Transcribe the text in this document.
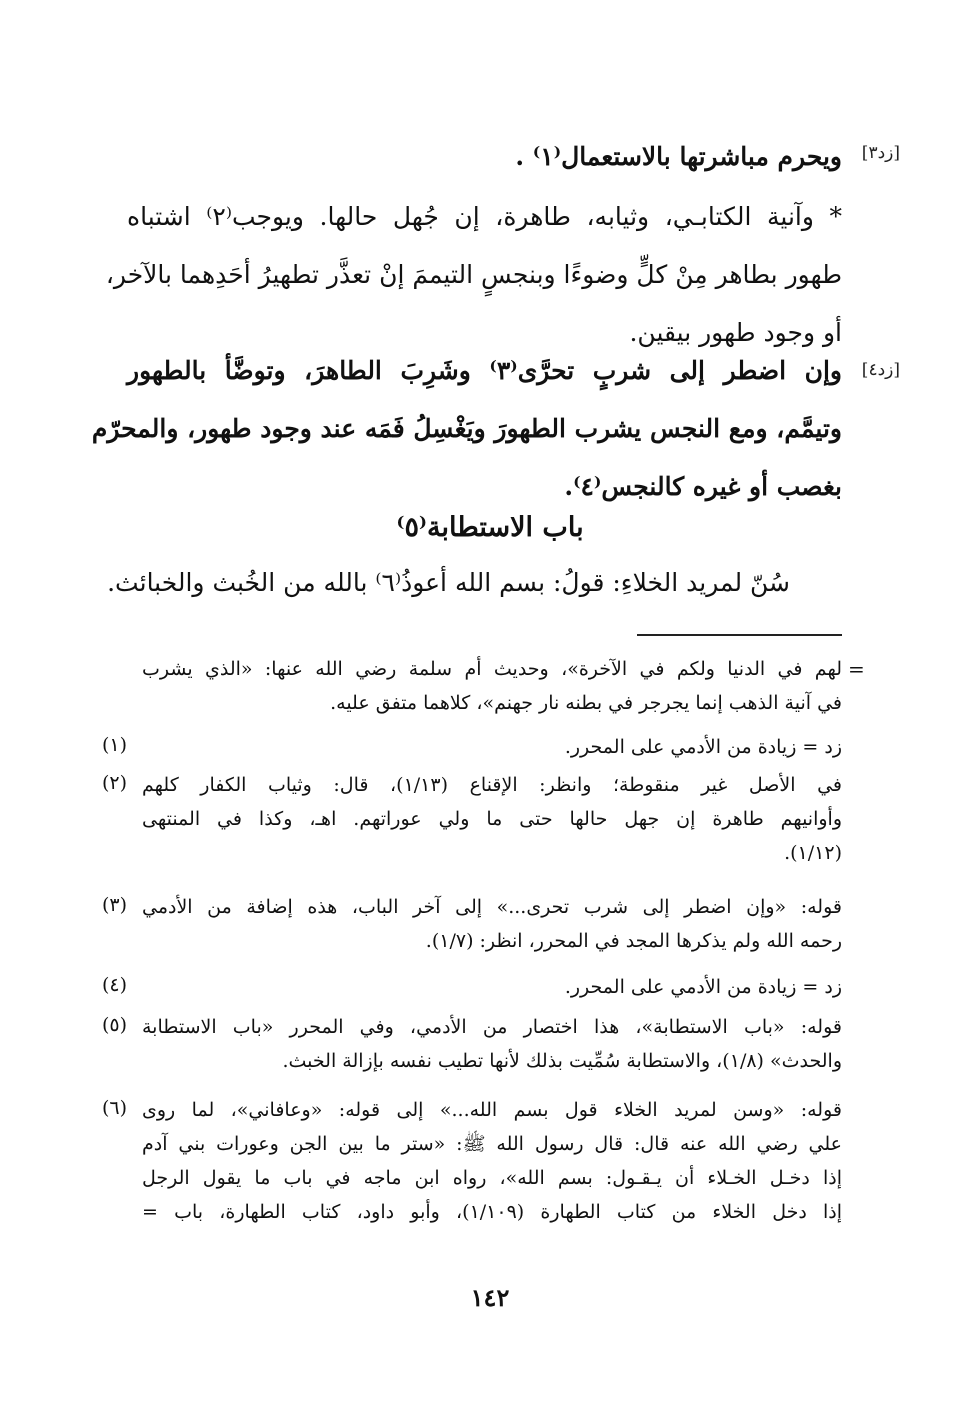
[زد٣]
ويحرم مباشرتها بالاستعمال⁽١⁾ .
* وآنية الكتابـي، وثيابه، طاهرة، إن جُهل حالها. ويوجب⁽٢⁾ اشتباه
طهور بطاهر مِنْ كلٍّ وضوءًا وبنجسٍ التيممَ إنْ تعذَّر تطهيرُ أحَدِهما بالآخر،
أو وجود طهور بيقين.
[زد٤]
وإن اضطر إلى شربٍ تحرَّى⁽٣⁾ وشَرِبَ الطاهرَ، وتوضَّأ بالطهور
وتيمَّم، ومع النجس يشرب الطهورَ ويَغْسِلُ فَمَه عند وجود طهور، والمحرّم
بغصب أو غيره كالنجس⁽٤⁾.
باب الاستطابة⁽٥⁾
سُنّ لمريد الخلاءِ: قولُ: بسم الله أعوذُ⁽٦⁾ بالله من الخُبث والخبائث.
=
لهم في الدنيا ولكم في الآخرة»، وحديث أم سلمة رضي الله عنها: «الذي يشرب
في آنية الذهب إنما يجرجر في بطنه نار جهنم»، كلاهما متفق عليه.
(١)	زد = زيادة من الأدمي على المحرر.
(٢) في الأصل غير منقوطة؛ وانظر: الإقناع (١/١٣)، قال: وثياب الكفار كلهم
وأوانيهم طاهرة إن جهل حالها حتى ما ولي عوراتهم. اهـ، وكذا في المنتهى
(١/١٢).
(٣) قوله: «وإن اضطر إلى شرب تحرى...» إلى آخر الباب، هذه إضافة من الأدمي
رحمه الله ولم يذكرها المجد في المحرر، انظر: (١/٧).
(٤)	زد = زيادة من الأدمي على المحرر.
(٥) قوله: «باب الاستطابة»، هذا اختصار من الأدمي، وفي المحرر «باب الاستطابة
والحدث» (١/٨)، والاستطابة سُمِّيت بذلك لأنها تطيب نفسه بإزالة الخبث.
(٦) قوله: «وسن لمريد الخلاء قول بسم الله...» إلى قوله: «وعافاني»، لما روى
علي رضي الله عنه قال: قال رسول الله ﷺ: «ستر ما بين الجن وعورات بني آدم
إذا دخـل الخـلاء أن يـقـول: بسم الله»، رواه ابن ماجه في باب ما يقول الرجل
إذا دخل الخلاء من كتاب الطهارة (١/١٠٩)، وأبو داود، كتاب الطهارة، باب =
١٤٢
